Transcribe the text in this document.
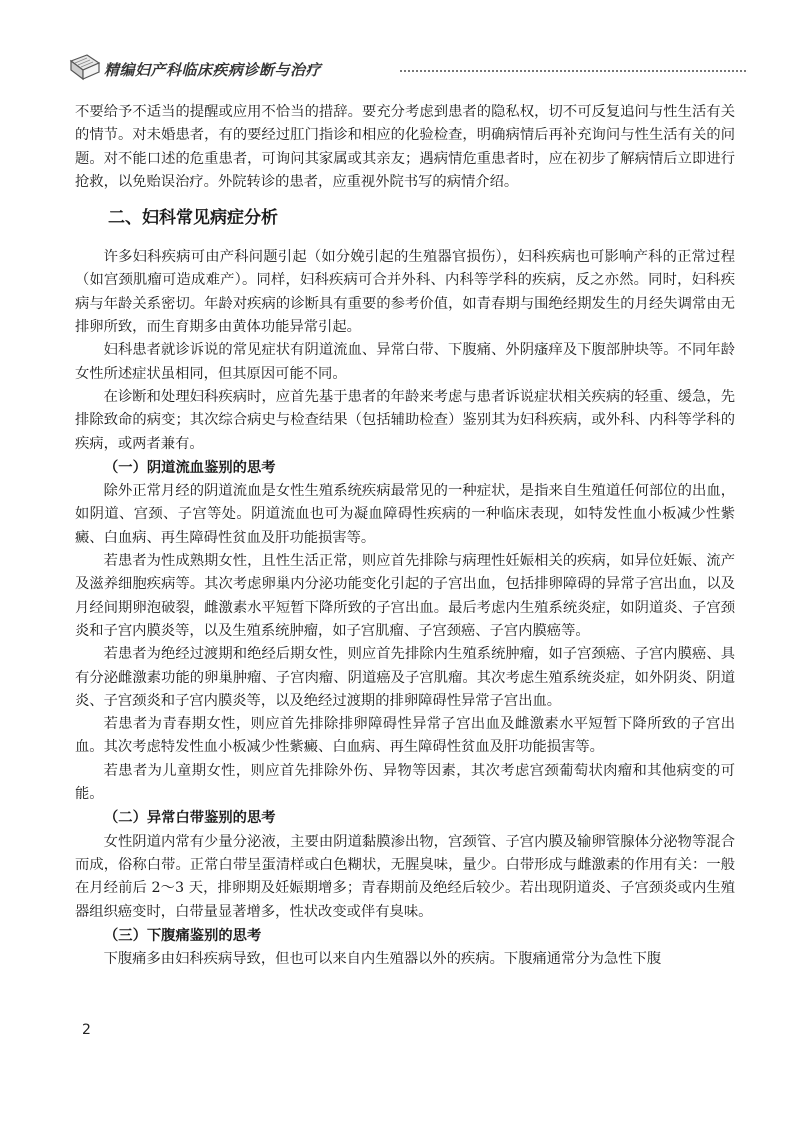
精编妇产科临床疾病诊断与治疗

不要给予不适当的提醒或应用不恰当的措辞。要充分考虑到患者的隐私权，切不可反复追问与性生活有关的情节。对未婚患者，有的要经过肛门指诊和相应的化验检查，明确病情后再补充询问与性生活有关的问题。对不能口述的危重患者，可询问其家属或其亲友；遇病情危重患者时，应在初步了解病情后立即进行抢救，以免贻误治疗。外院转诊的患者，应重视外院书写的病情介绍。

二、妇科常见病症分析

许多妇科疾病可由产科问题引起（如分娩引起的生殖器官损伤），妇科疾病也可影响产科的正常过程（如宫颈肌瘤可造成难产）。同样，妇科疾病可合并外科、内科等学科的疾病，反之亦然。同时，妇科疾病与年龄关系密切。年龄对疾病的诊断具有重要的参考价值，如青春期与围绝经期发生的月经失调常由无排卵所致，而生育期多由黄体功能异常引起。

妇科患者就诊诉说的常见症状有阴道流血、异常白带、下腹痛、外阴瘙痒及下腹部肿块等。不同年龄女性所述症状虽相同，但其原因可能不同。

在诊断和处理妇科疾病时，应首先基于患者的年龄来考虑与患者诉说症状相关疾病的轻重、缓急，先排除致命的病变；其次综合病史与检查结果（包括辅助检查）鉴别其为妇科疾病，或外科、内科等学科的疾病，或两者兼有。

（一）阴道流血鉴别的思考

除外正常月经的阴道流血是女性生殖系统疾病最常见的一种症状，是指来自生殖道任何部位的出血，如阴道、宫颈、子宫等处。阴道流血也可为凝血障碍性疾病的一种临床表现，如特发性血小板减少性紫癜、白血病、再生障碍性贫血及肝功能损害等。

若患者为性成熟期女性，且性生活正常，则应首先排除与病理性妊娠相关的疾病，如异位妊娠、流产及滋养细胞疾病等。其次考虑卵巢内分泌功能变化引起的子宫出血，包括排卵障碍的异常子宫出血，以及月经间期卵泡破裂，雌激素水平短暂下降所致的子宫出血。最后考虑内生殖系统炎症，如阴道炎、子宫颈炎和子宫内膜炎等，以及生殖系统肿瘤，如子宫肌瘤、子宫颈癌、子宫内膜癌等。

若患者为绝经过渡期和绝经后期女性，则应首先排除内生殖系统肿瘤，如子宫颈癌、子宫内膜癌、具有分泌雌激素功能的卵巢肿瘤、子宫肉瘤、阴道癌及子宫肌瘤。其次考虑生殖系统炎症，如外阴炎、阴道炎、子宫颈炎和子宫内膜炎等，以及绝经过渡期的排卵障碍性异常子宫出血。

若患者为青春期女性，则应首先排除排卵障碍性异常子宫出血及雌激素水平短暂下降所致的子宫出血。其次考虑特发性血小板减少性紫癜、白血病、再生障碍性贫血及肝功能损害等。

若患者为儿童期女性，则应首先排除外伤、异物等因素，其次考虑宫颈葡萄状肉瘤和其他病变的可能。

（二）异常白带鉴别的思考

女性阴道内常有少量分泌液，主要由阴道黏膜渗出物，宫颈管、子宫内膜及输卵管腺体分泌物等混合而成，俗称白带。正常白带呈蛋清样或白色糊状，无腥臭味，量少。白带形成与雌激素的作用有关：一般在月经前后 2～3 天，排卵期及妊娠期增多；青春期前及绝经后较少。若出现阴道炎、子宫颈炎或内生殖器组织癌变时，白带量显著增多，性状改变或伴有臭味。

（三）下腹痛鉴别的思考

下腹痛多由妇科疾病导致，但也可以来自内生殖器以外的疾病。下腹痛通常分为急性下腹

2
